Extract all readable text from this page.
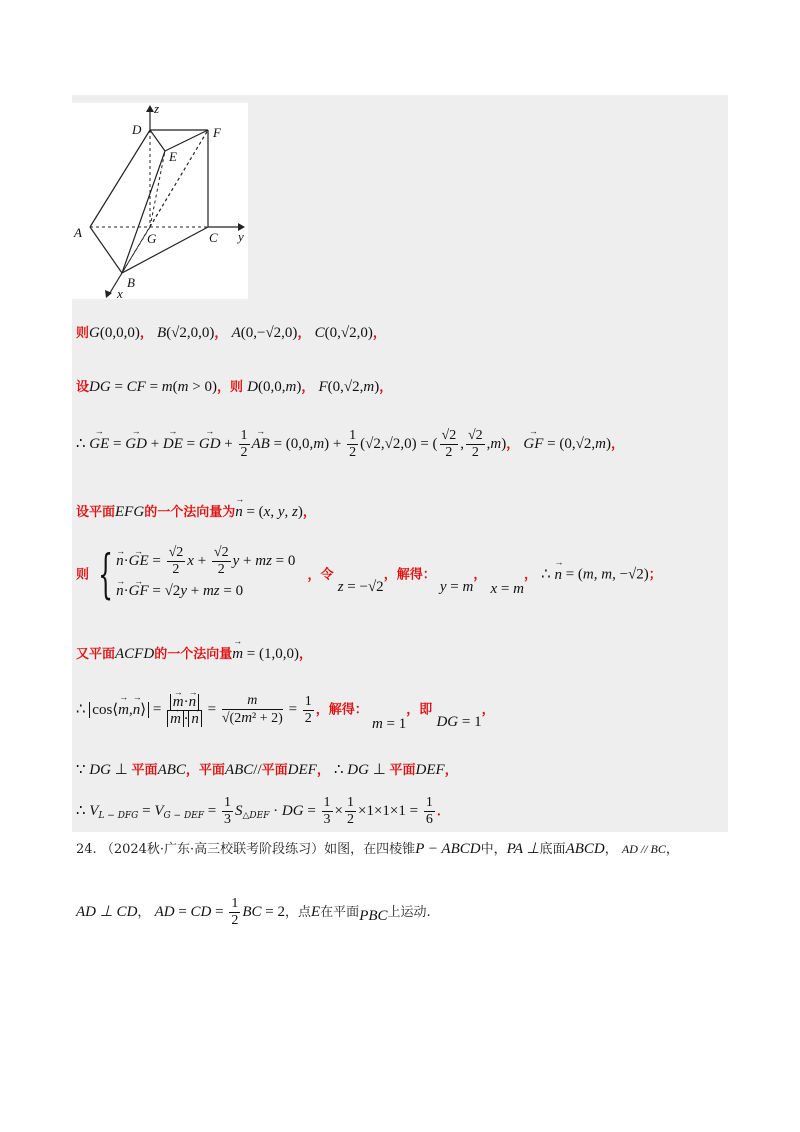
z
D	F
E
A	G	C y
B
x
则G(0,0,0)， B(√2,0,0)， A(0,−√2,0)， C(0,√2,0)，
设DG = CF = m(m > 0)，则 D(0,0,m)， F(0,√2,m)，
∴ → GE = → GD + → DE = → GD + $\frac{1}{2}$
→ AB = $(0,0,m) + \frac{1}{2} (√2,√2,0)$ = ( $\frac{√2}{2}$ , $\frac{√2}{2} ,m$)， → GF = (0,√2,m)，
设平面EFG的一个法向量为→ n = (x, y, z)，
则 {
→ n·→ GE = $\frac{√2}{2}$ $x + \frac{√2}{2}$ y + mz = 0
→ n·→ GF = √2y + mz = 0
，令 z = −√2，解得： y = m， x = m， ∴ → n = (m, m, −√2)；
又平面ACFD的一个法向量→ m = (1,0,0)，
∴ cos⟨→ m,→ n⟩ =
→ m·→ n
→ $m \cdot\to n = \frac{m}{\text{√(2m² + 2)}} = \frac{1}{2}$ ，解得： m = 1，即 DG = 1，
∵ DG ⊥ 平面ABC，平面ABC//平面DEF， ∴ DG ⊥ 平面DEF，
∴ $V_{L - DFG} = V_{G - DEF} = \frac{1}{3} S_{\triangle DEF}$ · DG = $\frac{1}{3} \times \frac{1}{2} \times 1\times 1\times 1 = \frac{1}{6}$ ．
24. （2024秋·广东·高三校联考阶段练习）如图，在四棱锥P − ABCD中，PA ⊥底面ABCD， AD // BC，
AD ⊥ CD， AD = CD = $\frac{1}{2}$ BC = 2，点E在平面PBC上运动.
